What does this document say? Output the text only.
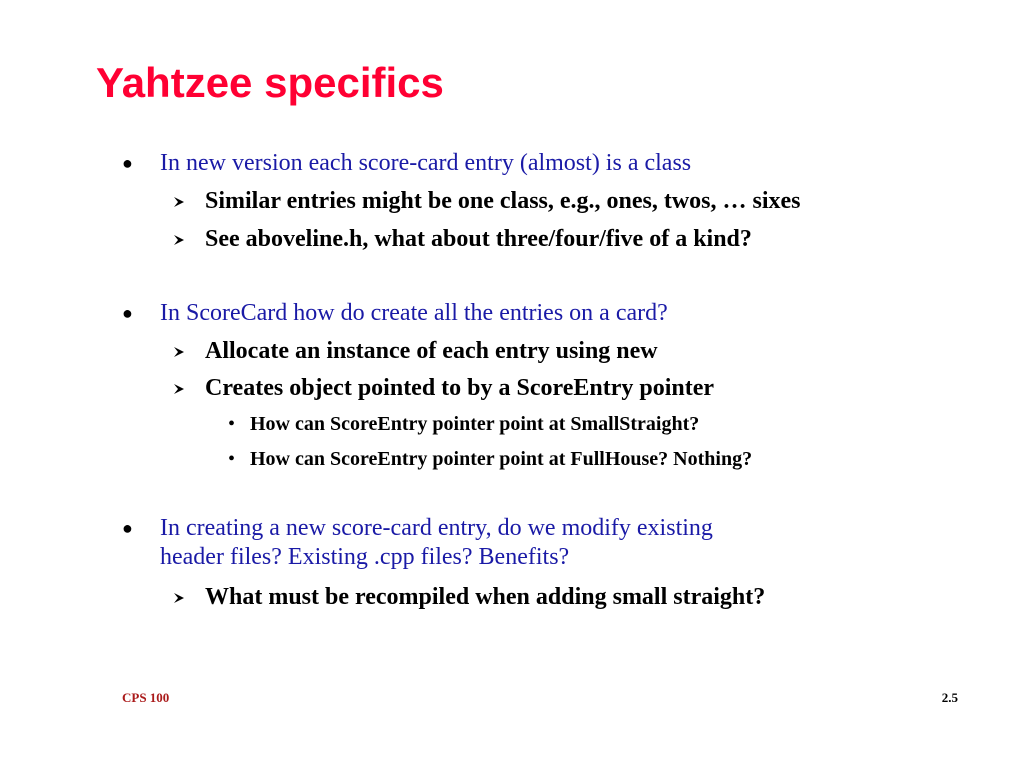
Yahtzee specifics
● In new version each score-card entry (almost) is a class
Similar entries might be one class, e.g., ones, twos, … sixes
See aboveline.h, what about three/four/five of a kind?
● In ScoreCard how do create all the entries on a card?
Allocate an instance of each entry using new
Creates object pointed to by a ScoreEntry pointer
• How can ScoreEntry pointer point at SmallStraight?
• How can ScoreEntry pointer point at FullHouse? Nothing?
● In creating a new score-card entry, do we modify existing
header files? Existing .cpp files? Benefits?
What must be recompiled when adding small straight?
CPS 100	2.5
